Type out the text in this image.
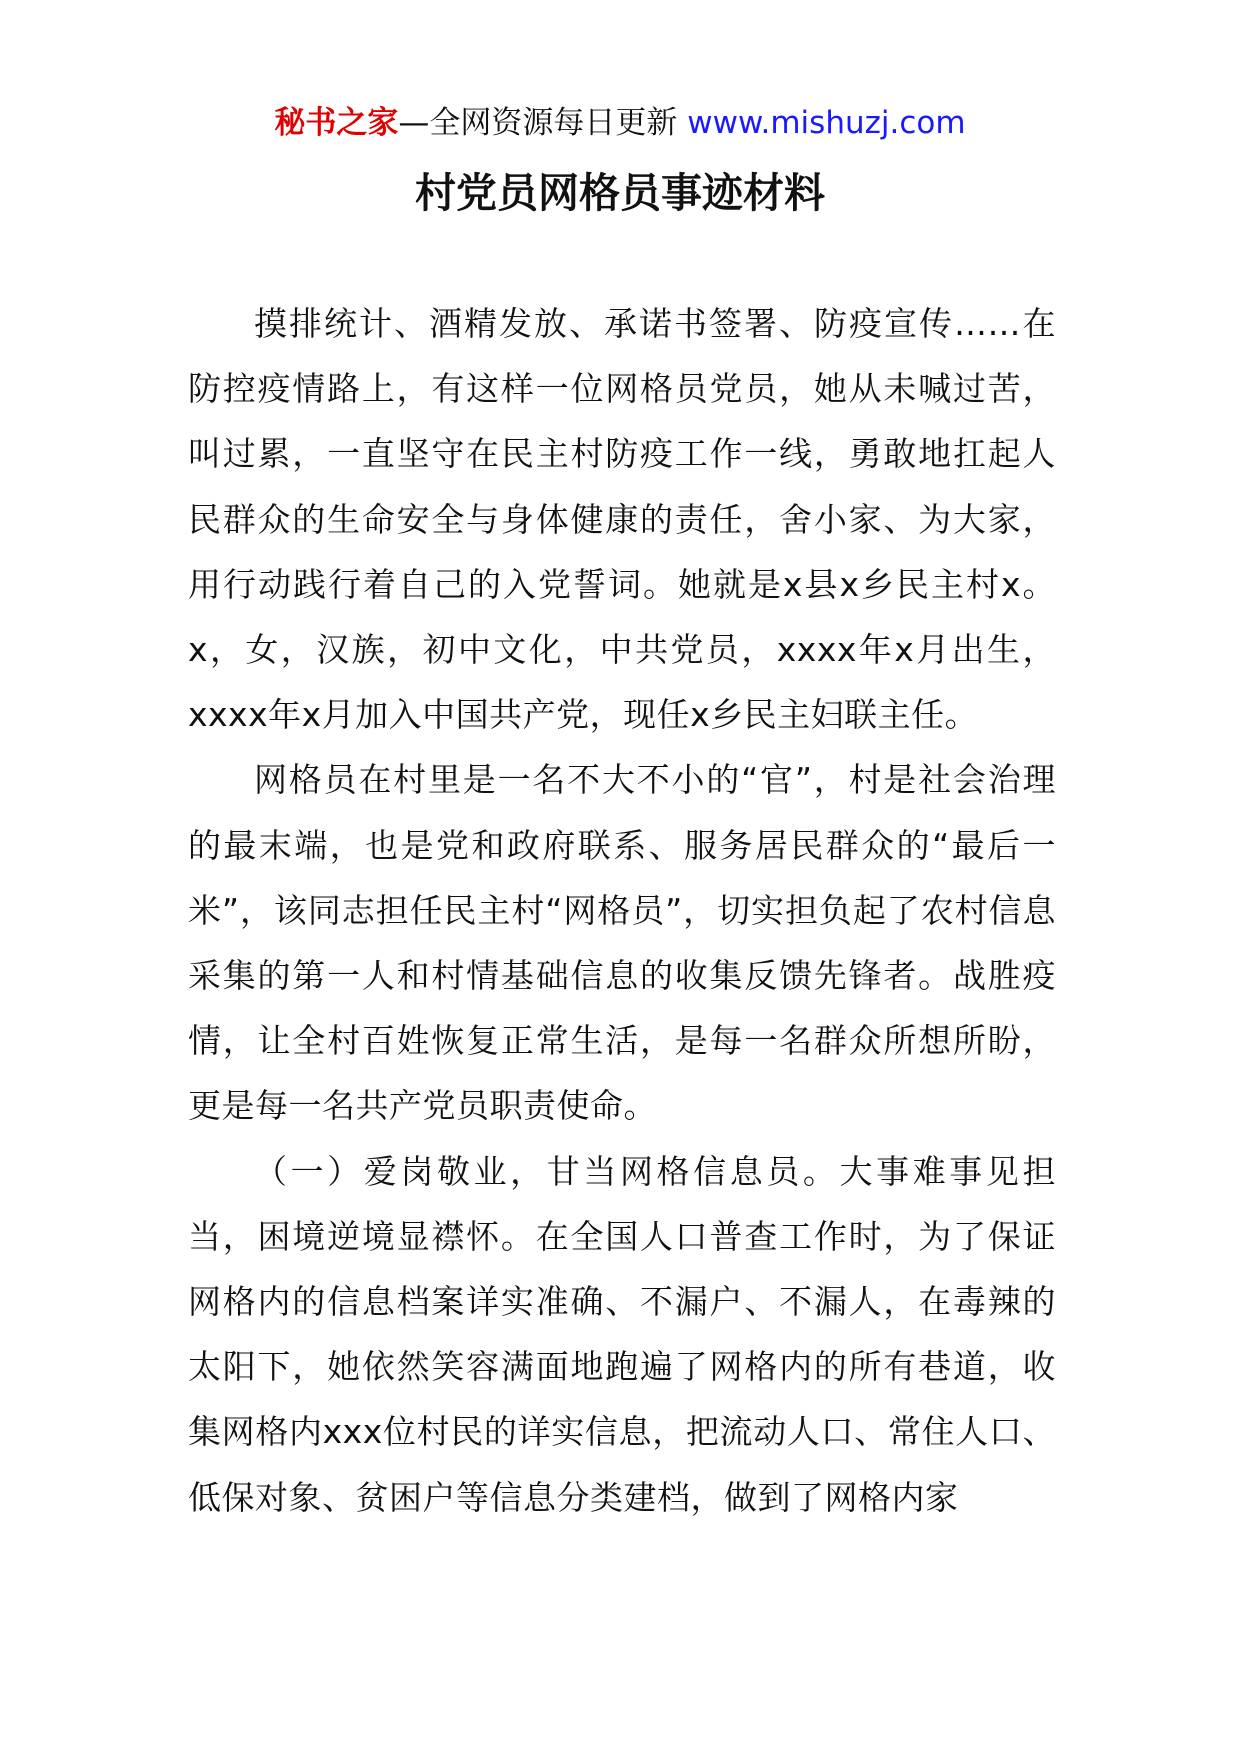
秘书之家—全网资源每日更新 www.mishuzj.com
村党员网格员事迹材料

摸排统计、酒精发放、承诺书签署、防疫宣传……在防控疫情路上，有这样一位网格员党员，她从未喊过苦，叫过累，一直坚守在民主村防疫工作一线，勇敢地扛起人民群众的生命安全与身体健康的责任，舍小家、为大家，用行动践行着自己的入党誓词。她就是x县x乡民主村x。x，女，汉族，初中文化，中共党员，xxxx年x月出生，xxxx年x月加入中国共产党，现任x乡民主妇联主任。

网格员在村里是一名不大不小的“官”，村是社会治理的最末端，也是党和政府联系、服务居民群众的“最后一米”，该同志担任民主村“网格员”，切实担负起了农村信息采集的第一人和村情基础信息的收集反馈先锋者。战胜疫情，让全村百姓恢复正常生活，是每一名群众所想所盼，更是每一名共产党员职责使命。

（一）爱岗敬业，甘当网格信息员。大事难事见担当，困境逆境显襟怀。在全国人口普查工作时，为了保证网格内的信息档案详实准确、不漏户、不漏人，在毒辣的太阳下，她依然笑容满面地跑遍了网格内的所有巷道，收集网格内xxx位村民的详实信息，把流动人口、常住人口、低保对象、贫困户等信息分类建档，做到了网格内家
